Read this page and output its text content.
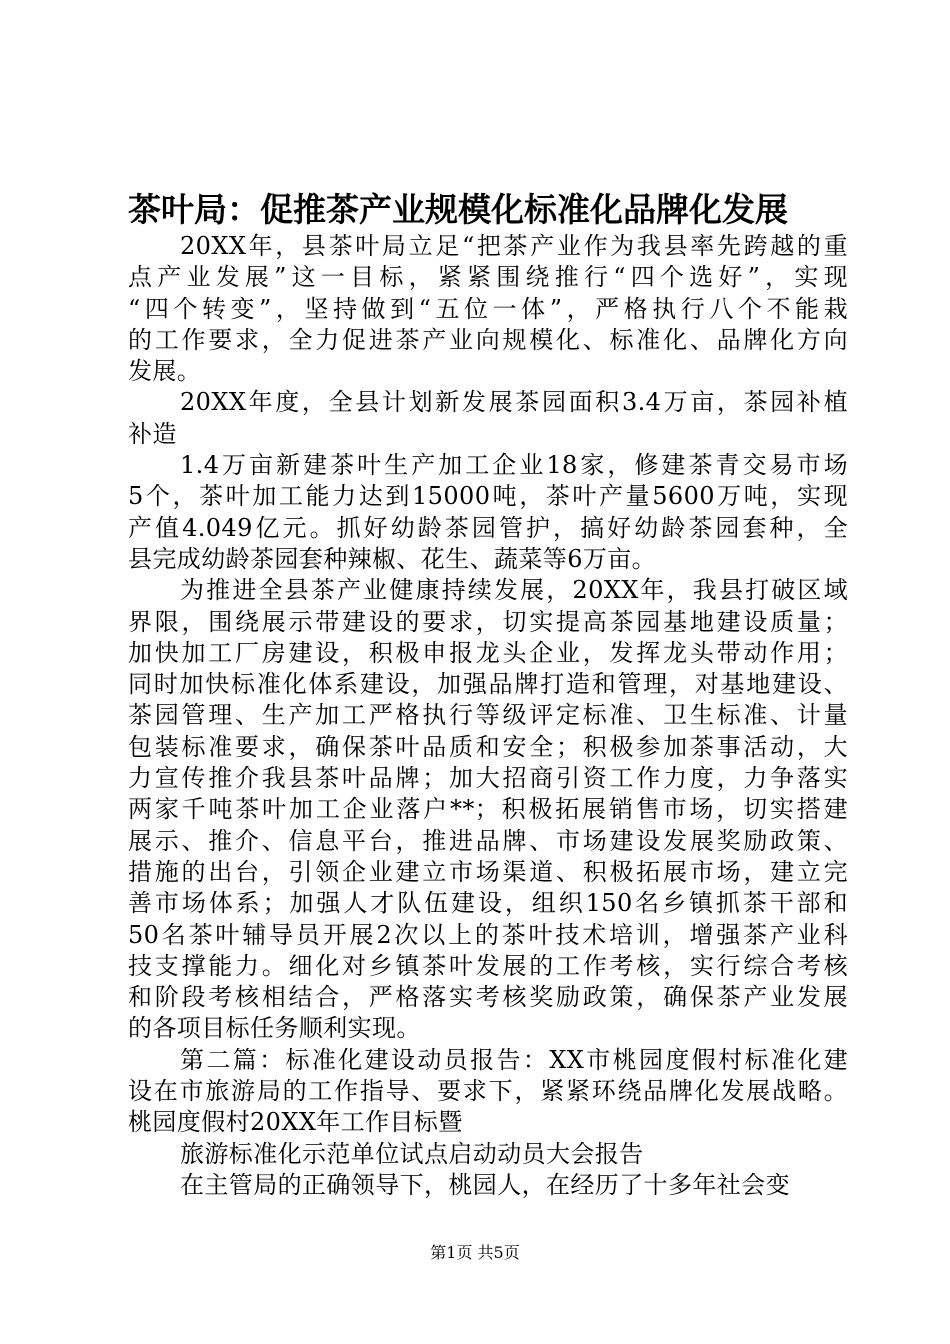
茶叶局：促推茶产业规模化标准化品牌化发展
20XX年，县茶叶局立足“把茶产业作为我县率先跨越的重
点产业发展”这一目标，紧紧围绕推行“四个选好”，实现
“四个转变”，坚持做到“五位一体”，严格执行八个不能栽
的工作要求，全力促进茶产业向规模化、标准化、品牌化方向
发展。
20XX年度，全县计划新发展茶园面积3.4万亩，茶园补植
补造
1.4万亩新建茶叶生产加工企业18家，修建茶青交易市场
5个，茶叶加工能力达到15000吨，茶叶产量5600万吨，实现
产值4.049亿元。抓好幼龄茶园管护，搞好幼龄茶园套种，全
县完成幼龄茶园套种辣椒、花生、蔬菜等6万亩。
为推进全县茶产业健康持续发展，20XX年，我县打破区域
界限，围绕展示带建设的要求，切实提高茶园基地建设质量；
加快加工厂房建设，积极申报龙头企业，发挥龙头带动作用；
同时加快标准化体系建设，加强品牌打造和管理，对基地建设、
茶园管理、生产加工严格执行等级评定标准、卫生标准、计量
包装标准要求，确保茶叶品质和安全；积极参加茶事活动，大
力宣传推介我县茶叶品牌；加大招商引资工作力度，力争落实
两家千吨茶叶加工企业落户**；积极拓展销售市场，切实搭建
展示、推介、信息平台，推进品牌、市场建设发展奖励政策、
措施的出台，引领企业建立市场渠道、积极拓展市场，建立完
善市场体系；加强人才队伍建设，组织150名乡镇抓茶干部和
50名茶叶辅导员开展2次以上的茶叶技术培训，增强茶产业科
技支撑能力。细化对乡镇茶叶发展的工作考核，实行综合考核
和阶段考核相结合，严格落实考核奖励政策，确保茶产业发展
的各项目标任务顺利实现。
第二篇：标准化建设动员报告：XX市桃园度假村标准化建
设在市旅游局的工作指导、要求下，紧紧环绕品牌化发展战略。
桃园度假村20XX年工作目标暨
旅游标准化示范单位试点启动动员大会报告
在主管局的正确领导下，桃园人，在经历了十多年社会变
第1页 共5页
